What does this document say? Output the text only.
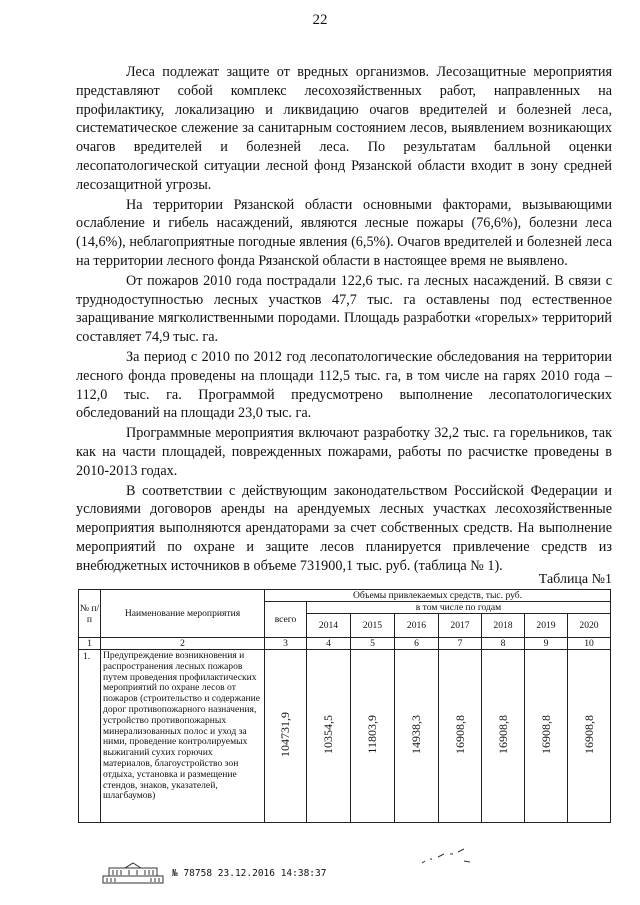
22

Леса подлежат защите от вредных организмов. Лесозащитные мероприятия представляют собой комплекс лесохозяйственных работ, направленных на профилактику, локализацию и ликвидацию очагов вредителей и болезней леса, систематическое слежение за санитарным состоянием лесов, выявлением возникающих очагов вредителей и болезней леса. По результатам балльной оценки лесопатологической ситуации лесной фонд Рязанской области входит в зону средней лесозащитной угрозы.

На территории Рязанской области основными факторами, вызывающими ослабление и гибель насаждений, являются лесные пожары (76,6%), болезни леса (14,6%), неблагоприятные погодные явления (6,5%). Очагов вредителей и болезней леса на территории лесного фонда Рязанской области в настоящее время не выявлено.

От пожаров 2010 года пострадали 122,6 тыс. га лесных насаждений. В связи с труднодоступностью лесных участков 47,7 тыс. га оставлены под естественное заращивание мягколиственными породами. Площадь разработки «горелых» территорий составляет 74,9 тыс. га.

За период с 2010 по 2012 год лесопатологические обследования на территории лесного фонда проведены на площади 112,5 тыс. га, в том числе на гарях 2010 года – 112,0 тыс. га. Программой предусмотрено выполнение лесопатологических обследований на площади 23,0 тыс. га.

Программные мероприятия включают разработку 32,2 тыс. га горельников, так как на части площадей, поврежденных пожарами, работы по расчистке проведены в 2010-2013 годах.

В соответствии с действующим законодательством Российской Федерации и условиями договоров аренды на арендуемых лесных участках лесохозяйственные мероприятия выполняются арендаторами за счет собственных средств. На выполнение мероприятий по охране и защите лесов планируется привлечение средств из внебюджетных источников в объеме 731900,1 тыс. руб. (таблица № 1).

Таблица №1
№ п/п	Наименование мероприятия	Объемы привлекаемых средств, тыс. руб.							
		всего	в том числе по годам						
			2014	2015	2016	2017	2018	2019	2020
1	2	3	4	5	6	7	8	9	10
1.	Предупреждение возникновения и распространения лесных пожаров путем проведения профилактических мероприятий по охране лесов от пожаров (строительство и содержание дорог противопожарного назначения, устройство противопожарных минерализованных полос и уход за ними, проведение контролируемых выжиганий сухих горючих материалов, благоустройство зон отдыха, установка и размещение стендов, знаков, указателей, шлагбаумов)	104731,9	10354,5	11803,9	14938,3	16908,8	16908,8	16908,8	16908,8
№ 78758 23.12.2016 14:38:37
